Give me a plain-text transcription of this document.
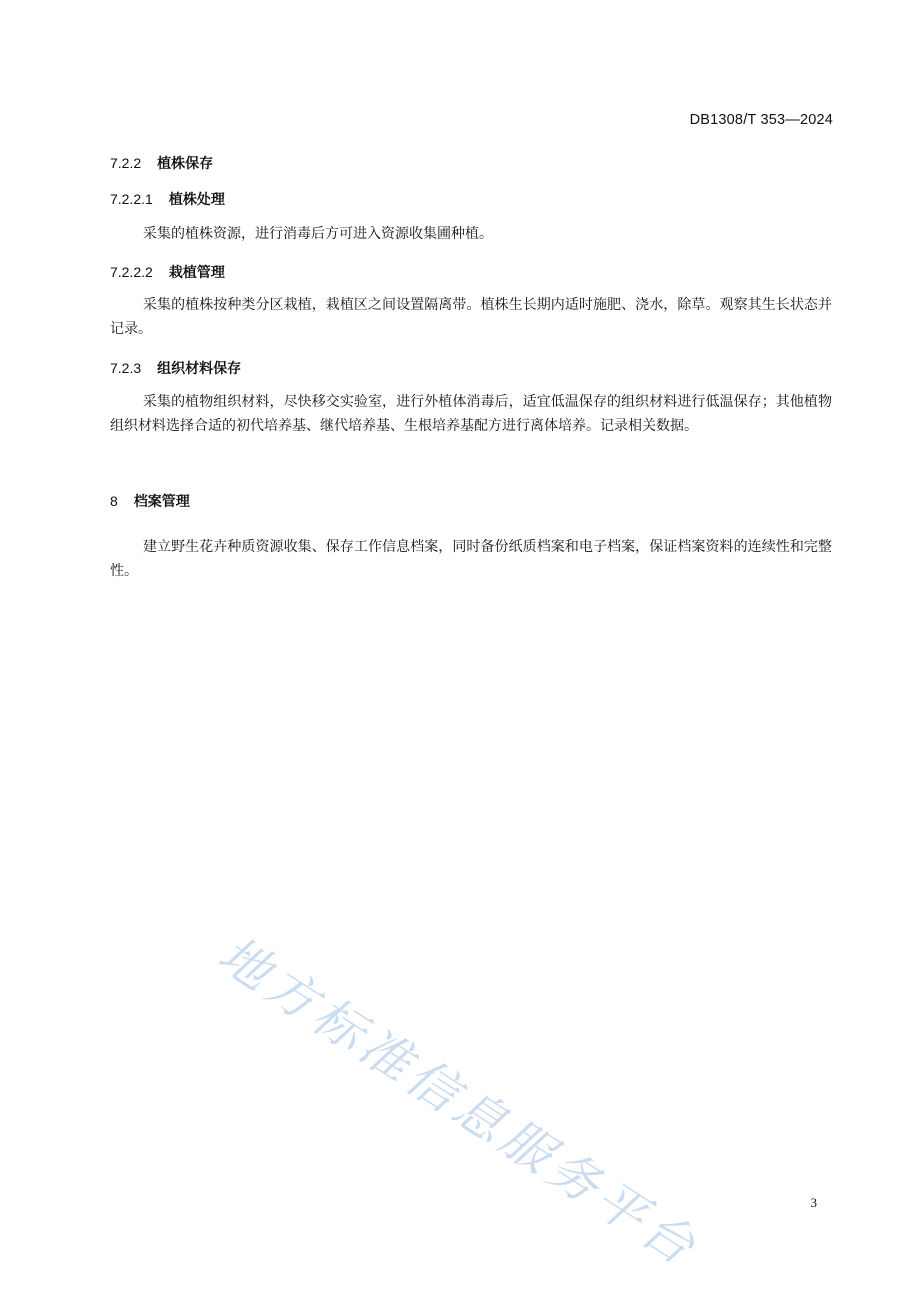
DB1308/T 353—2024
7.2.2 植株保存
7.2.2.1 植株处理
采集的植株资源，进行消毒后方可进入资源收集圃种植。
7.2.2.2 栽植管理
采集的植株按种类分区栽植，栽植区之间设置隔离带。植株生长期内适时施肥、浇水，除草。观察其生长状态并记录。
7.2.3 组织材料保存
采集的植物组织材料，尽快移交实验室，进行外植体消毒后，适宜低温保存的组织材料进行低温保存；其他植物组织材料选择合适的初代培养基、继代培养基、生根培养基配方进行离体培养。记录相关数据。
8 档案管理
建立野生花卉种质资源收集、保存工作信息档案，同时备份纸质档案和电子档案，保证档案资料的连续性和完整性。
地方标准信息服务平台	3
